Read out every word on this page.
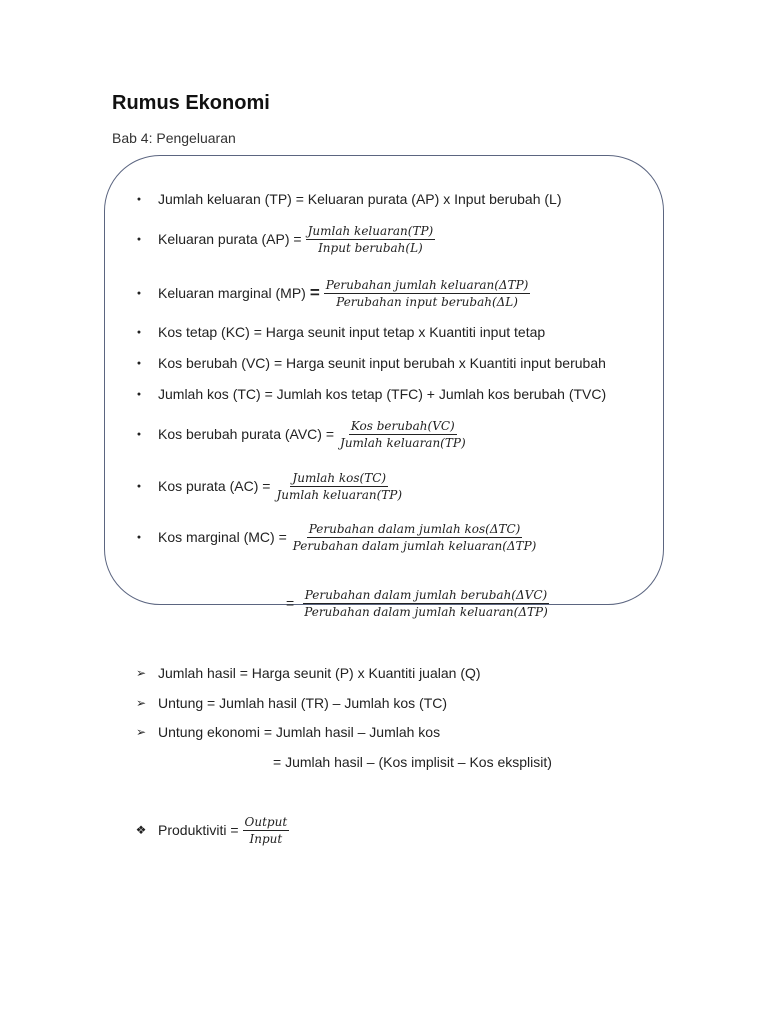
Rumus Ekonomi
Bab 4: Pengeluaran
●
Jumlah keluaran (TP) = Keluaran purata (AP) x Input berubah (L)
●
Keluaran purata $(AP) = \frac{\text{Jumlah keluaran(TP)}}{\text{Input berubah(L)}}$
●
Keluaran marginal $(MP) = \frac{\text{Perubahan jumlah keluaran(ΔTP)}}{\text{Perubahan input berubah(ΔL)}}$
●
Kos tetap (KC) = Harga seunit input tetap x Kuantiti input tetap
●
Kos berubah (VC) = Harga seunit input berubah x Kuantiti input berubah
●
Jumlah kos (TC) = Jumlah kos tetap (TFC) + Jumlah kos berubah (TVC)
●
Kos berubah purata $(AVC) = \frac{\text{Kos berubah(VC)}}{\text{Jumlah keluaran(TP)}}$
●
Kos purata $(AC) = \frac{\text{Jumlah kos(TC)}}{\text{Jumlah keluaran(TP)}}$
●
Kos marginal $(MC) = \frac{\text{Perubahan dalam jumlah kos(ΔTC)}}{\text{Perubahan dalam jumlah keluaran(ΔTP)}}$
= $\frac{\text{Perubahan dalam jumlah berubah(ΔVC)}}{\text{Perubahan dalam jumlah keluaran(ΔTP)}}$
➢ Jumlah hasil = Harga seunit (P) x Kuantiti jualan (Q)
➢ Untung = Jumlah hasil (TR) – Jumlah kos (TC)
➢ Untung ekonomi = Jumlah hasil – Jumlah kos
= Jumlah hasil – (Kos implisit – Kos eksplisit)
❖ Produktiviti = $\frac{\text{Output}}{\text{Input}}$
